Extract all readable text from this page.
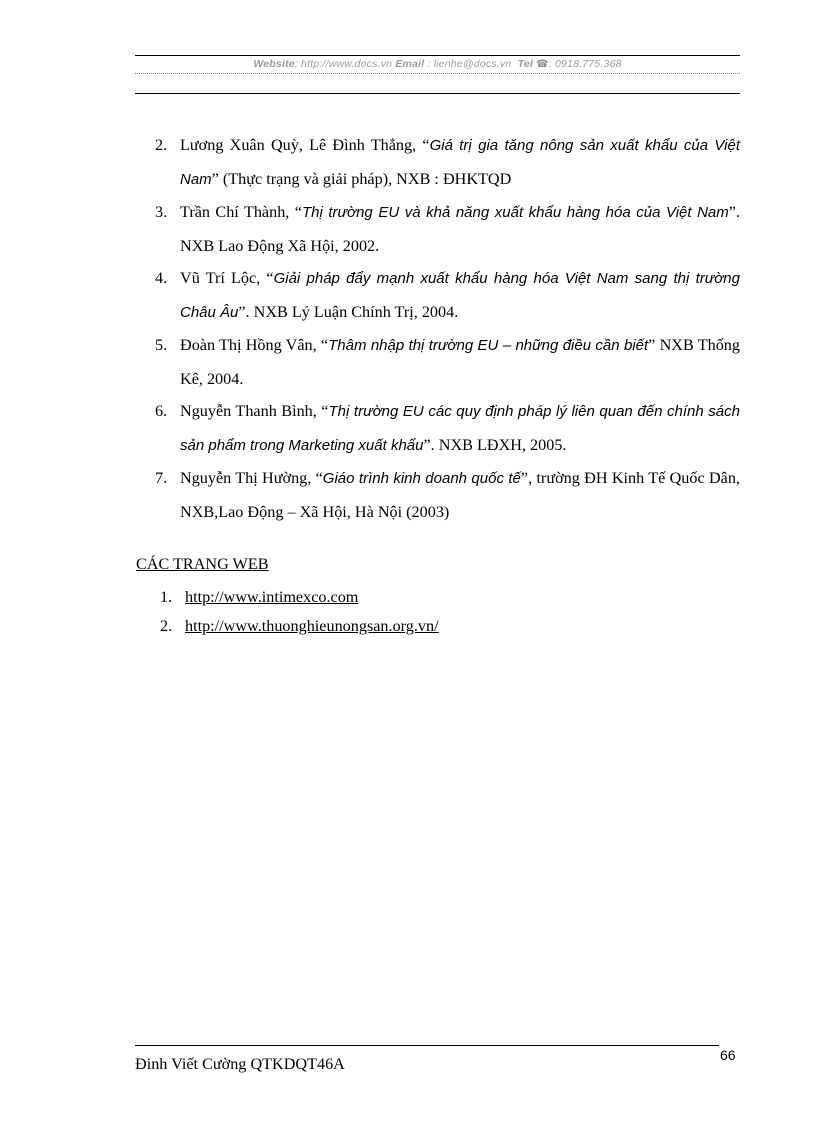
Website: http://www.docs.vn Email : lienhe@docs.vn Tel ☎: 0918.775.368
2. Lương Xuân Quỳ, Lê Đình Thắng, “Giá trị gia tăng nông sản xuất khẩu của Việt Nam” (Thực trạng và giải pháp), NXB : ĐHKTQD
3. Trần Chí Thành, “Thị trường EU và khả năng xuất khẩu hàng hóa của Việt Nam”. NXB Lao Động Xã Hội, 2002.
4. Vũ Trí Lộc, “Giải pháp đẩy mạnh xuất khẩu hàng hóa Việt Nam sang thị trường Châu Âu”. NXB Lý Luận Chính Trị, 2004.
5. Đoàn Thị Hồng Vân, “Thâm nhập thị trường EU – những điều cần biết” NXB Thống Kê, 2004.
6. Nguyễn Thanh Bình, “Thị trường EU các quy định pháp lý liên quan đến chính sách sản phẩm trong Marketing xuất khẩu”. NXB LĐXH, 2005.
7. Nguyễn Thị Hường, “Giáo trình kinh doanh quốc tế”, trường ĐH Kinh Tế Quốc Dân, NXB,Lao Động – Xã Hội, Hà Nội (2003)
CÁC TRANG WEB
1. http://www.intimexco.com
2. http://www.thuonghieunongsan.org.vn/
Đinh Viết Cường QTKDQT46A	66
